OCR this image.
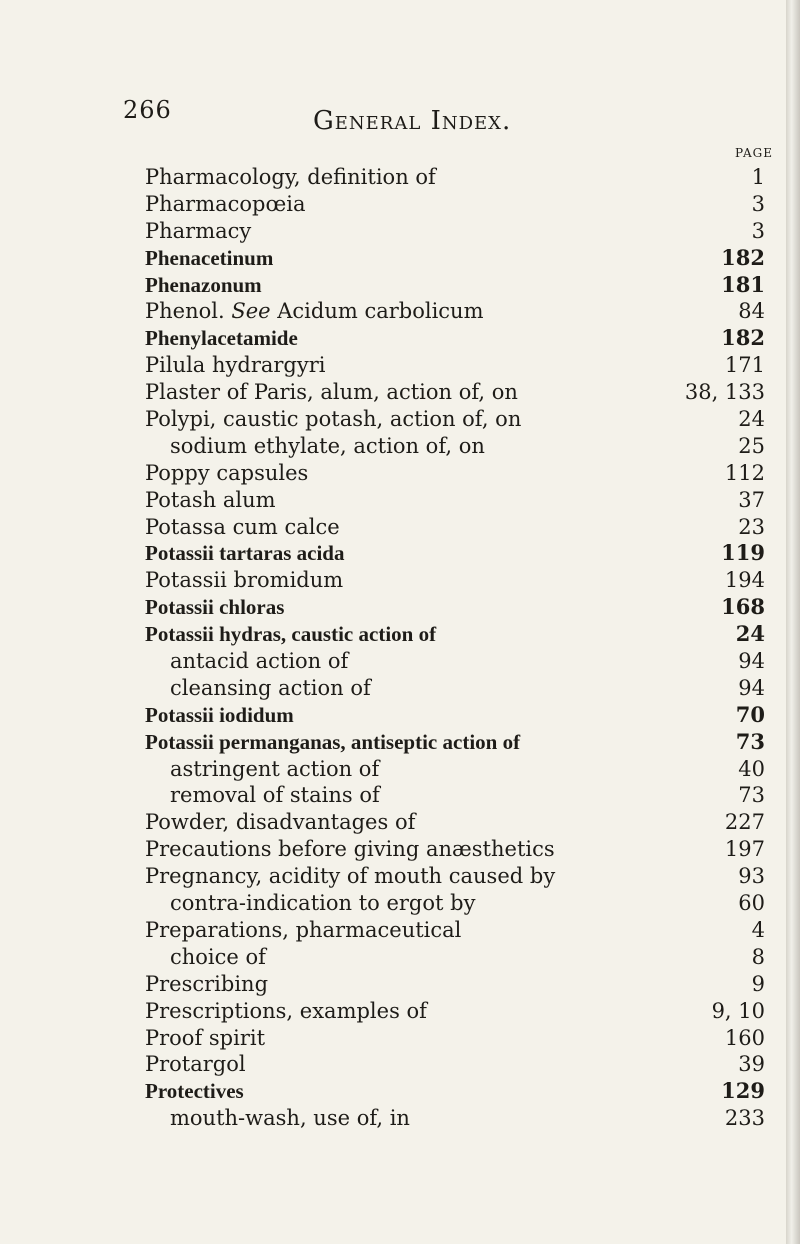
266	General Index.
PAGE
Pharmacology, definition of	1
Pharmacopœia	3
Pharmacy	3
Phenacetinum	182
Phenazonum	181
Phenol. See Acidum carbolicum	84
Phenylacetamide	182
Pilula hydrargyri	171
Plaster of Paris, alum, action of, on	38, 133
Polypi, caustic potash, action of, on	24
sodium ethylate, action of, on	25
Poppy capsules	112
Potash alum	37
Potassa cum calce	23
Potassii tartaras acida	119
Potassii bromidum	194
Potassii chloras	168
Potassii hydras, caustic action of	24
antacid action of	94
cleansing action of	94
Potassii iodidum	70
Potassii permanganas, antiseptic action of	73
astringent action of	40
removal of stains of	73
Powder, disadvantages of	227
Precautions before giving anæsthetics	197
Pregnancy, acidity of mouth caused by	93
contra-indication to ergot by	60
Preparations, pharmaceutical	4
choice of	8
Prescribing	9
Prescriptions, examples of	9, 10
Proof spirit	160
Protargol	39
Protectives	129
mouth-wash, use of, in	233
